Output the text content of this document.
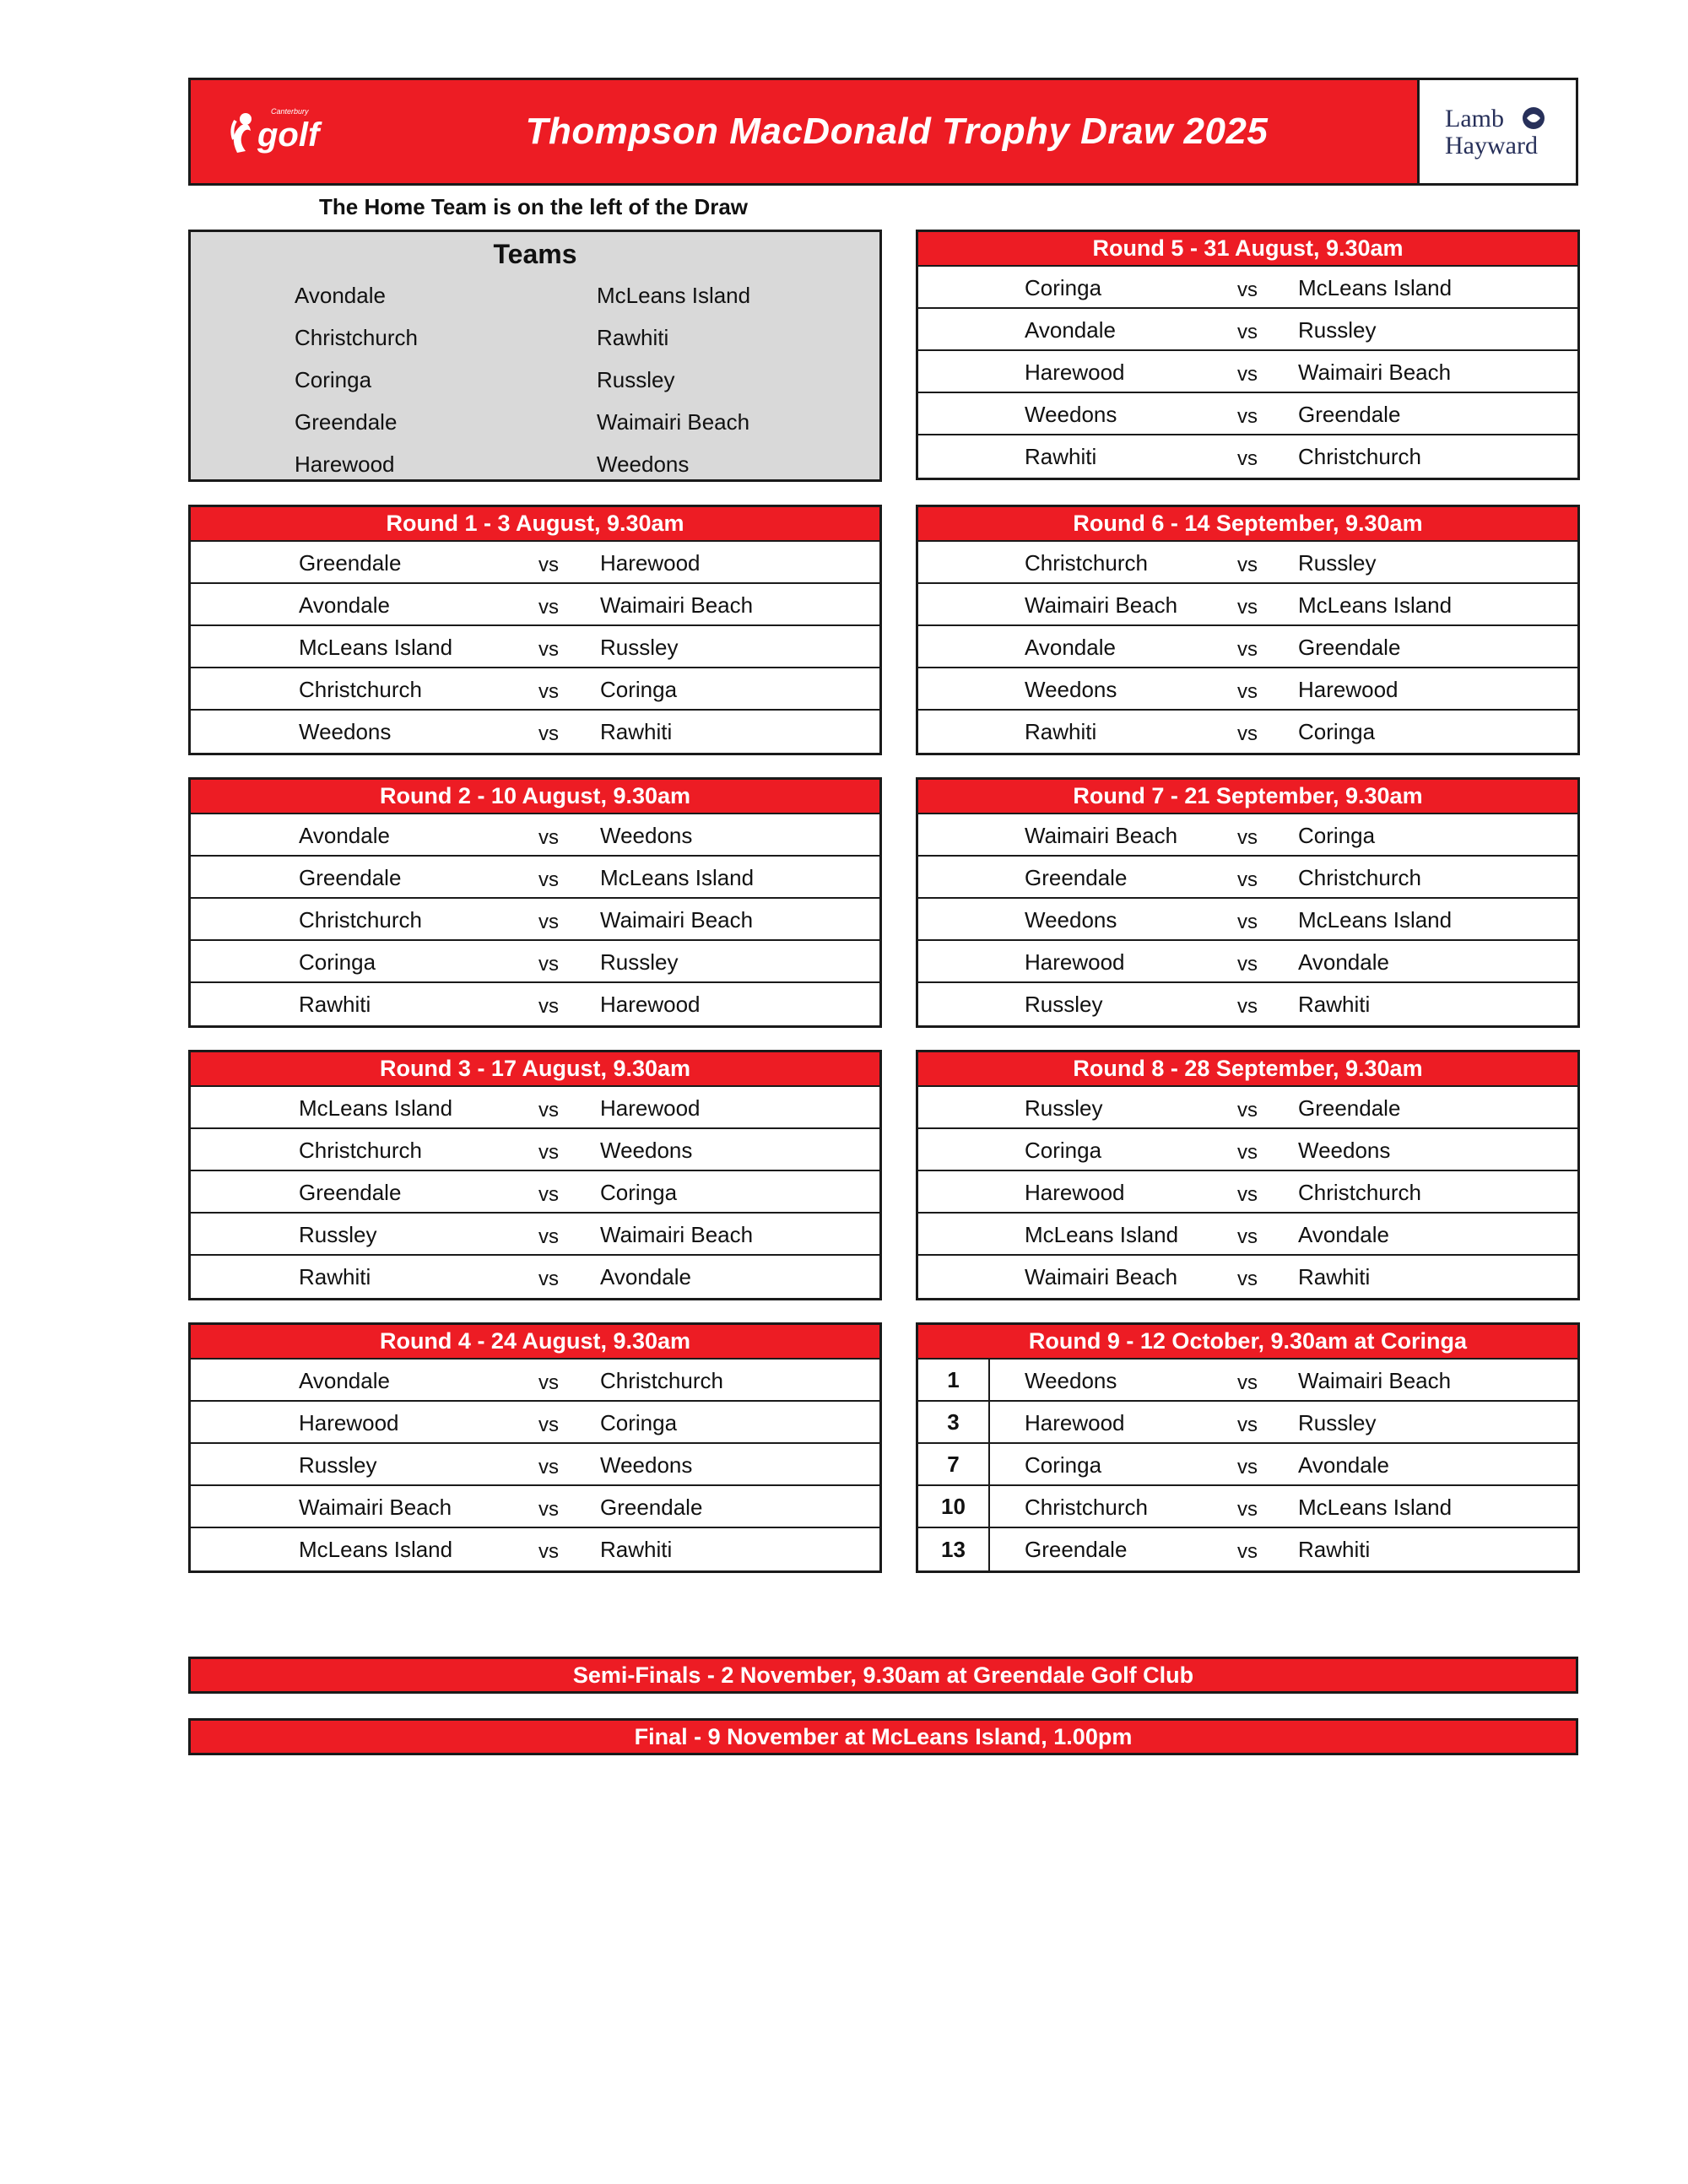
Canterbury
golf	Thompson MacDonald Trophy Draw 2025	Lamb
Hayward
The Home Team is on the left of the Draw
Teams
Avondale	McLeans Island
Christchurch	Rawhiti
Coringa	Russley
Greendale	Waimairi Beach
Harewood	Weedons
Round 1 - 3 August, 9.30am
Greendale	vs Harewood
Avondale	vs Waimairi Beach
McLeans Island	vs Russley
Christchurch	vs Coringa
Weedons	vs Rawhiti
Round 2 - 10 August, 9.30am
Avondale	vs Weedons
Greendale	vs McLeans Island
Christchurch	vs Waimairi Beach
Coringa	vs Russley
Rawhiti	vs Harewood
Round 3 - 17 August, 9.30am
McLeans Island	vs Harewood
Christchurch	vs Weedons
Greendale	vs Coringa
Russley	vs Waimairi Beach
Rawhiti	vs Avondale
Round 4 - 24 August, 9.30am
Avondale	vs Christchurch
Harewood	vs Coringa
Russley	vs Weedons
Waimairi Beach	vs Greendale
McLeans Island	vs Rawhiti
Round 5 - 31 August, 9.30am
Coringa	vs McLeans Island
Avondale	vs Russley
Harewood	vs Waimairi Beach
Weedons	vs Greendale
Rawhiti	vs Christchurch
Round 6 - 14 September, 9.30am
Christchurch	vs Russley
Waimairi Beach	vs McLeans Island
Avondale	vs Greendale
Weedons	vs Harewood
Rawhiti	vs Coringa
Round 7 - 21 September, 9.30am
Waimairi Beach	vs Coringa
Greendale	vs Christchurch
Weedons	vs McLeans Island
Harewood	vs Avondale
Russley	vs Rawhiti
Round 8 - 28 September, 9.30am
Russley	vs Greendale
Coringa	vs Weedons
Harewood	vs Christchurch
McLeans Island	vs Avondale
Waimairi Beach	vs Rawhiti
Round 9 - 12 October, 9.30am at Coringa
1	Weedons	vs Waimairi Beach
3	Harewood	vs Russley
7	Coringa	vs Avondale
10	Christchurch	vs McLeans Island
13	Greendale	vs Rawhiti
Semi-Finals - 2 November, 9.30am at Greendale Golf Club
Final - 9 November at McLeans Island, 1.00pm
